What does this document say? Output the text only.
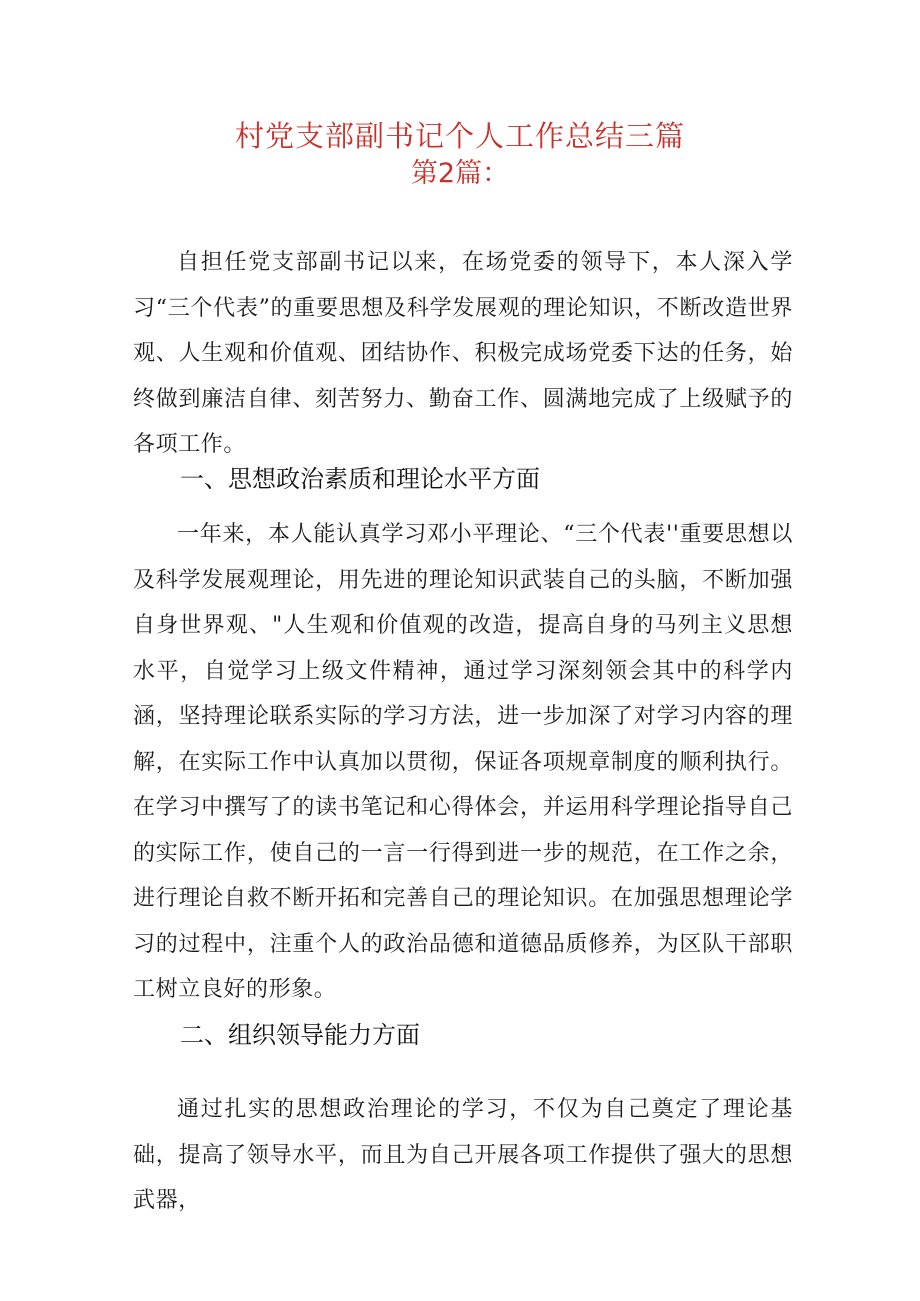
村党支部副书记个人工作总结三篇
第2篇：

自担任党支部副书记以来，在场党委的领导下，本人深入学习“三个代表”的重要思想及科学发展观的理论知识，不断改造世界观、人生观和价值观、团结协作、积极完成场党委下达的任务，始终做到廉洁自律、刻苦努力、勤奋工作、圆满地完成了上级赋予的各项工作。

一、思想政治素质和理论水平方面

一年来，本人能认真学习邓小平理论、“三个代表''重要思想以及科学发展观理论，用先进的理论知识武装自己的头脑，不断加强自身世界观、"人生观和价值观的改造，提高自身的马列主义思想水平，自觉学习上级文件精神，通过学习深刻领会其中的科学内涵，坚持理论联系实际的学习方法，进一步加深了对学习内容的理解，在实际工作中认真加以贯彻，保证各项规章制度的顺利执行。在学习中撰写了的读书笔记和心得体会，并运用科学理论指导自己的实际工作，使自己的一言一行得到进一步的规范，在工作之余，进行理论自救不断开拓和完善自己的理论知识。在加强思想理论学习的过程中，注重个人的政治品德和道德品质修养，为区队干部职工树立良好的形象。

二、组织领导能力方面

通过扎实的思想政治理论的学习，不仅为自己奠定了理论基础，提高了领导水平，而且为自己开展各项工作提供了强大的思想武器，
